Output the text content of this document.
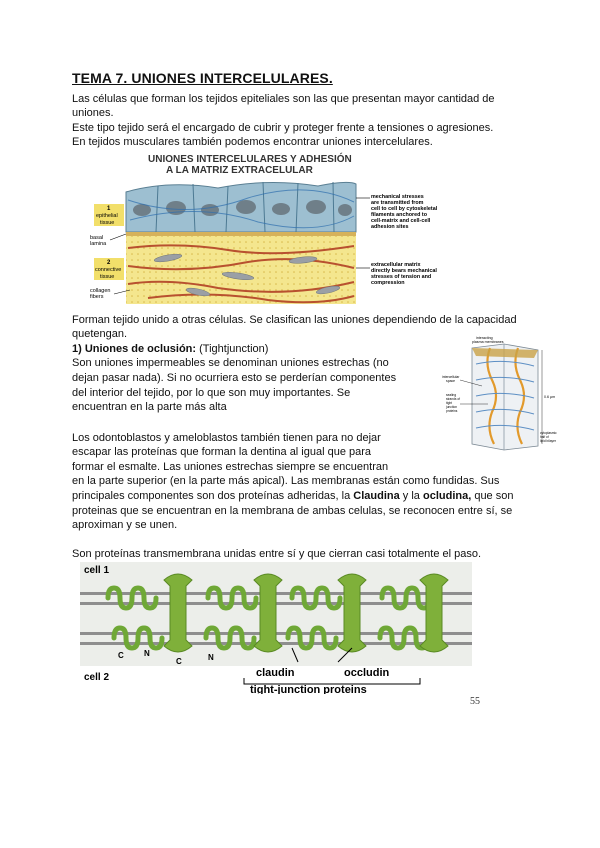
TEMA 7. UNIONES INTERCELULARES.
Las células que forman los tejidos epiteliales son las que presentan mayor cantidad de
uniones.
Este tipo tejido será el encargado de cubrir y proteger frente a tensiones o agresiones.
En tejidos musculares también podemos encontrar uniones intercelulares.
UNIONES INTERCELULARES Y ADHESIÓN
A LA MATRIZ EXTRACELULAR
1
epithelial
tissue
basal
lamina
2
connective
tissue
collagen
fibers
mechanical stresses
are transmitted from
cell to cell by cytoskeletal
filaments anchored to
cell-matrix and cell-cell
adhesion sites
extracellular matrix
directly bears mechanical
stresses of tension and
compression
Forman tejido unido a otras células. Se clasifican las uniones dependiendo de la capacidad
quetengan.
1) Uniones de oclusión: (Tightjunction)
Son uniones impermeables se denominan uniones estrechas (no
dejan pasar nada). Si no ocurriera esto se perderían componentes
del interior del tejido, por lo que son muy importantes. Se
encuentran en la parte más alta
interacting
plasma membranes
intercellular
space
sealing
strands of
tight
junction
proteins
0.6 μm
cytoplasmic
half of
lipid bilayer
Los odontoblastos y ameloblastos también tienen para no dejar
escapar las proteínas que forman la dentina al igual que para
formar el esmalte. Las uniones estrechas siempre se encuentran
en la parte superior (en la parte más apical). Las membranas están como fundidas. Sus
principales componentes son dos proteínas adheridas, la Claudina y la ocludina, que son
proteinas que se encuentran en la membrana de ambas celulas, se reconocen entre sí, se
aproximan y se unen.
Son proteínas transmembrana unidas entre sí y que cierran casi totalmente el paso.
cell 1
cell 2
C	N
C	N
claudin	occludin
tight-junction proteins
55
